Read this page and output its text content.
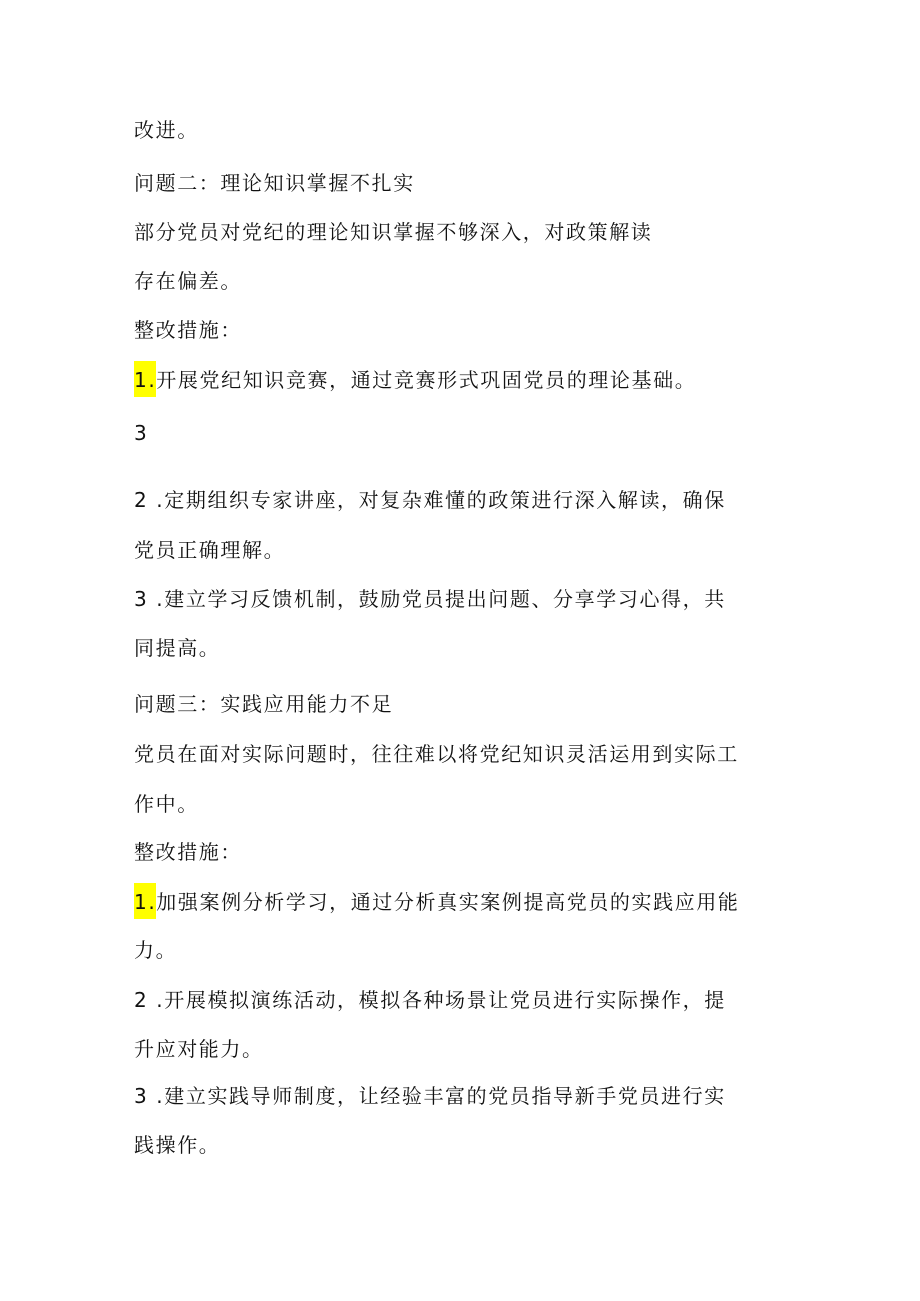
改进。

问题二：理论知识掌握不扎实

部分党员对党纪的理论知识掌握不够深入，对政策解读

存在偏差。

整改措施：

1.开展党纪知识竞赛，通过竞赛形式巩固党员的理论基础。

3

2 .定期组织专家讲座，对复杂难懂的政策进行深入解读，确保

党员正确理解。

3 .建立学习反馈机制，鼓励党员提出问题、分享学习心得，共

同提高。

问题三：实践应用能力不足

党员在面对实际问题时，往往难以将党纪知识灵活运用到实际工

作中。

整改措施：

1.加强案例分析学习，通过分析真实案例提高党员的实践应用能

力。

2 .开展模拟演练活动，模拟各种场景让党员进行实际操作，提

升应对能力。

3 .建立实践导师制度，让经验丰富的党员指导新手党员进行实

践操作。
